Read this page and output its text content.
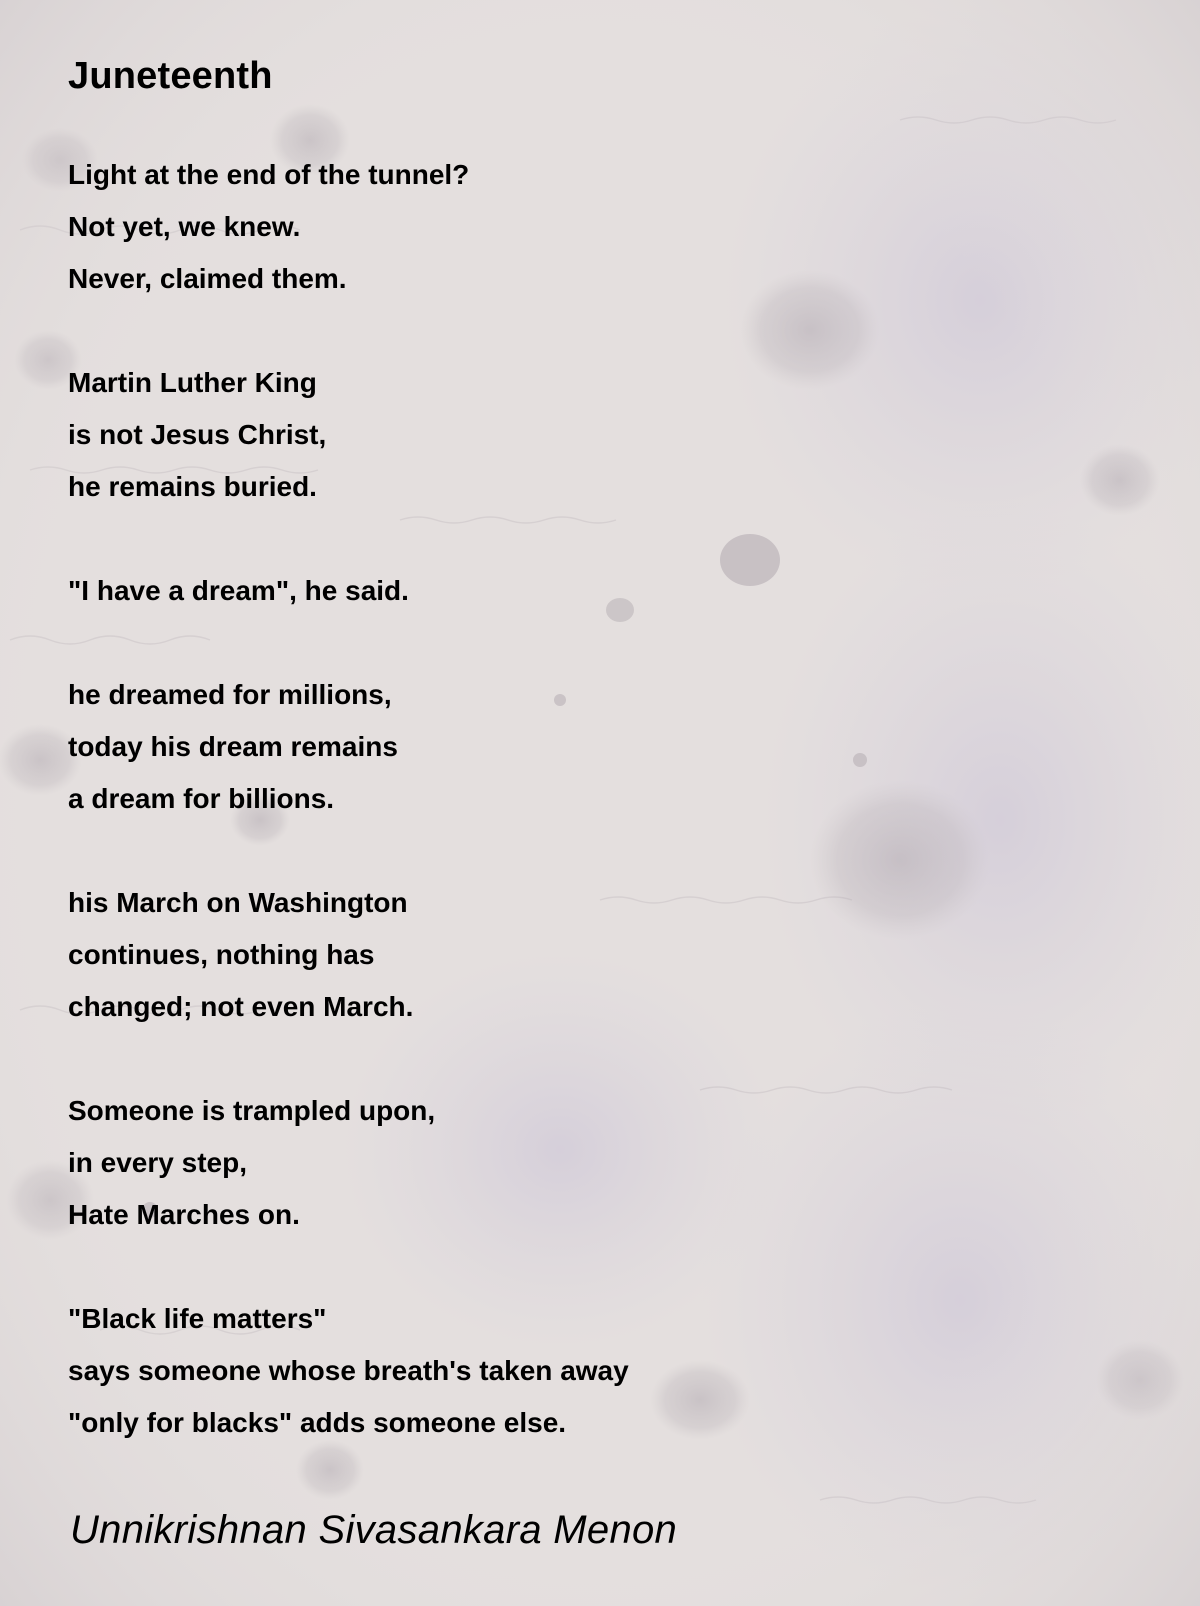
Juneteenth
Light at the end of the tunnel?
Not yet, we knew.
Never, claimed them.
Martin Luther King
is not Jesus Christ,
he remains buried.
"I have a dream", he said.
he dreamed for millions,
today his dream remains
a dream for billions.
his March on Washington
continues, nothing has
changed; not even March.
Someone is trampled upon,
in every step,
Hate Marches on.
"Black life matters"
says someone whose breath's taken away
"only for blacks" adds someone else.

Unnikrishnan Sivasankara Menon
